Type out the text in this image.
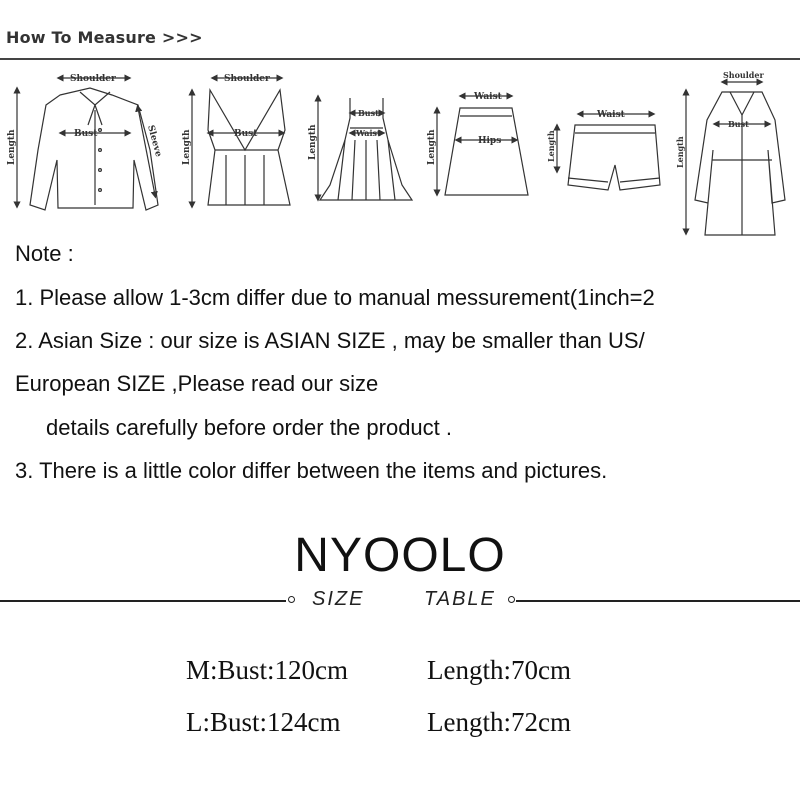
How To Measure >>>
Shoulder
Bust
Length	Sleeve
Shoulder
Bust
Length
Bust
Waist
Length
Waist
Hips
Length
Waist
Length
Shoulder
Bust
Length
Note :
1. Please allow 1-3cm differ due to manual messurement(1inch=2
2. Asian Size : our size is ASIAN SIZE , may be smaller than US/
European SIZE ,Please read our size
details carefully before order the product .
3. There is a little color differ between the items and pictures.
NYOOLO
SIZE	TABLE
M:Bust:120cm	Length:70cm
L:Bust:124cm	Length:72cm
